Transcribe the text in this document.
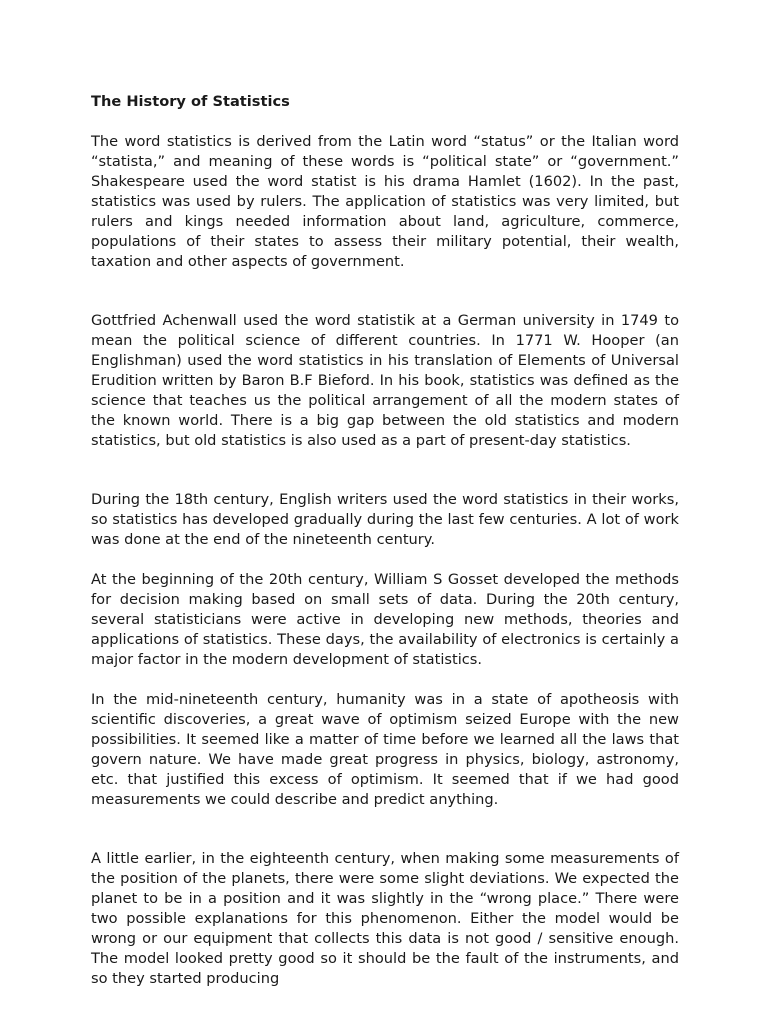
The History of Statistics

The word statistics is derived from the Latin word “status” or the Italian word “statista,” and meaning of these words is “political state” or “government.” Shakespeare used the word statist is his drama Hamlet (1602). In the past, statistics was used by rulers. The application of statistics was very limited, but rulers and kings needed information about land, agriculture, commerce, populations of their states to assess their military potential, their wealth, taxation and other aspects of government.

Gottfried Achenwall used the word statistik at a German university in 1749 to mean the political science of different countries. In 1771 W. Hooper (an Englishman) used the word statistics in his translation of Elements of Universal Erudition written by Baron B.F Bieford. In his book, statistics was defined as the science that teaches us the political arrangement of all the modern states of the known world. There is a big gap between the old statistics and modern statistics, but old statistics is also used as a part of present-day statistics.

During the 18th century, English writers used the word statistics in their works, so statistics has developed gradually during the last few centuries. A lot of work was done at the end of the nineteenth century.

At the beginning of the 20th century, William S Gosset developed the methods for decision making based on small sets of data. During the 20th century, several statisticians were active in developing new methods, theories and applications of statistics. These days, the availability of electronics is certainly a major factor in the modern development of statistics.

In the mid-nineteenth century, humanity was in a state of apotheosis with scientific discoveries, a great wave of optimism seized Europe with the new possibilities. It seemed like a matter of time before we learned all the laws that govern nature. We have made great progress in physics, biology, astronomy, etc. that justified this excess of optimism. It seemed that if we had good measurements we could describe and predict anything.

A little earlier, in the eighteenth century, when making some measurements of the position of the planets, there were some slight deviations. We expected the planet to be in a position and it was slightly in the “wrong place.” There were two possible explanations for this phenomenon. Either the model would be wrong or our equipment that collects this data is not good / sensitive enough. The model looked pretty good so it should be the fault of the instruments, and so they started producing
